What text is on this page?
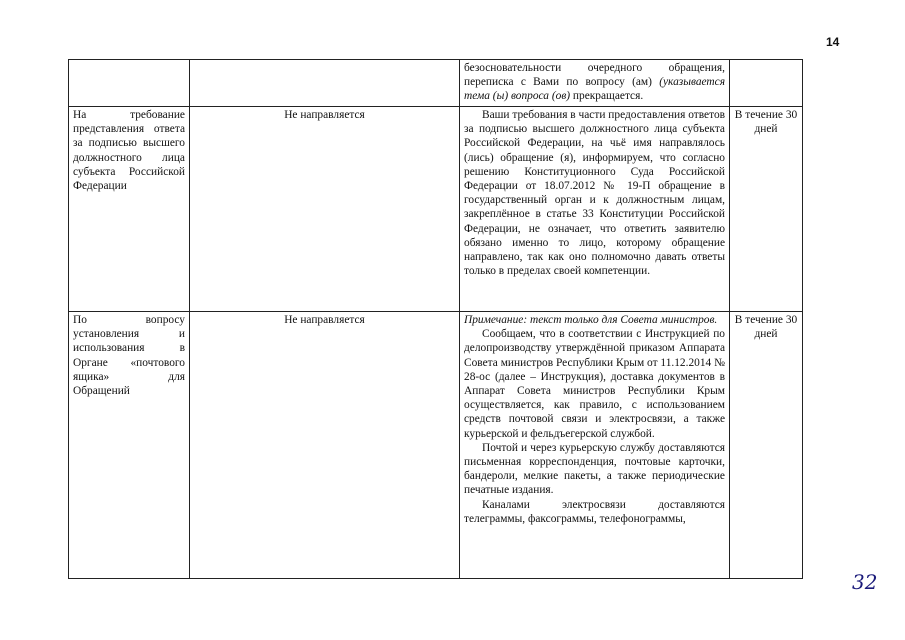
14

		безосновательности очередного обращения, переписка с Вами по вопросу (ам) (указывается тема (ы) вопроса (ов) прекращается.	

На требование представления ответа за подписью высшего должностного лица субъекта Российской Федерации	Не направляется	Ваши требования в части предоставления ответов за подписью высшего должностного лица субъекта Российской Федерации, на чьё имя направлялось (лись) обращение (я), информируем, что согласно решению Конституционного Суда Российской Федерации от 18.07.2012 № 19-П обращение в государственный орган и к должностным лицам, закреплённое в статье 33 Конституции Российской Федерации, не означает, что ответить заявителю обязано именно то лицо, которому обращение направлено, так как оно полномочно давать ответы только в пределах своей компетенции.	В течение 30 дней
По вопросу установления и использования в Органе «почтового ящика» для Обращений	Не направляется	Примечание: текст только для Совета министров.

Сообщаем, что в соответствии с Инструкцией по делопроизводству утверждённой приказом Аппарата Совета министров Республики Крым от 11.12.2014 № 28-ос (далее – Инструкция), доставка документов в Аппарат Совета министров Республики Крым осуществляется, как правило, с использованием средств почтовой связи и электросвязи, а также курьерской и фельдъегерской службой.

Почтой и через курьерскую службу доставляются письменная корреспонденция, почтовые карточки, бандероли, мелкие пакеты, а также периодические печатные издания.

Каналами электросвязи доставляются телеграммы, факсограммы, телефонограммы,	В течение 30 дней
32
